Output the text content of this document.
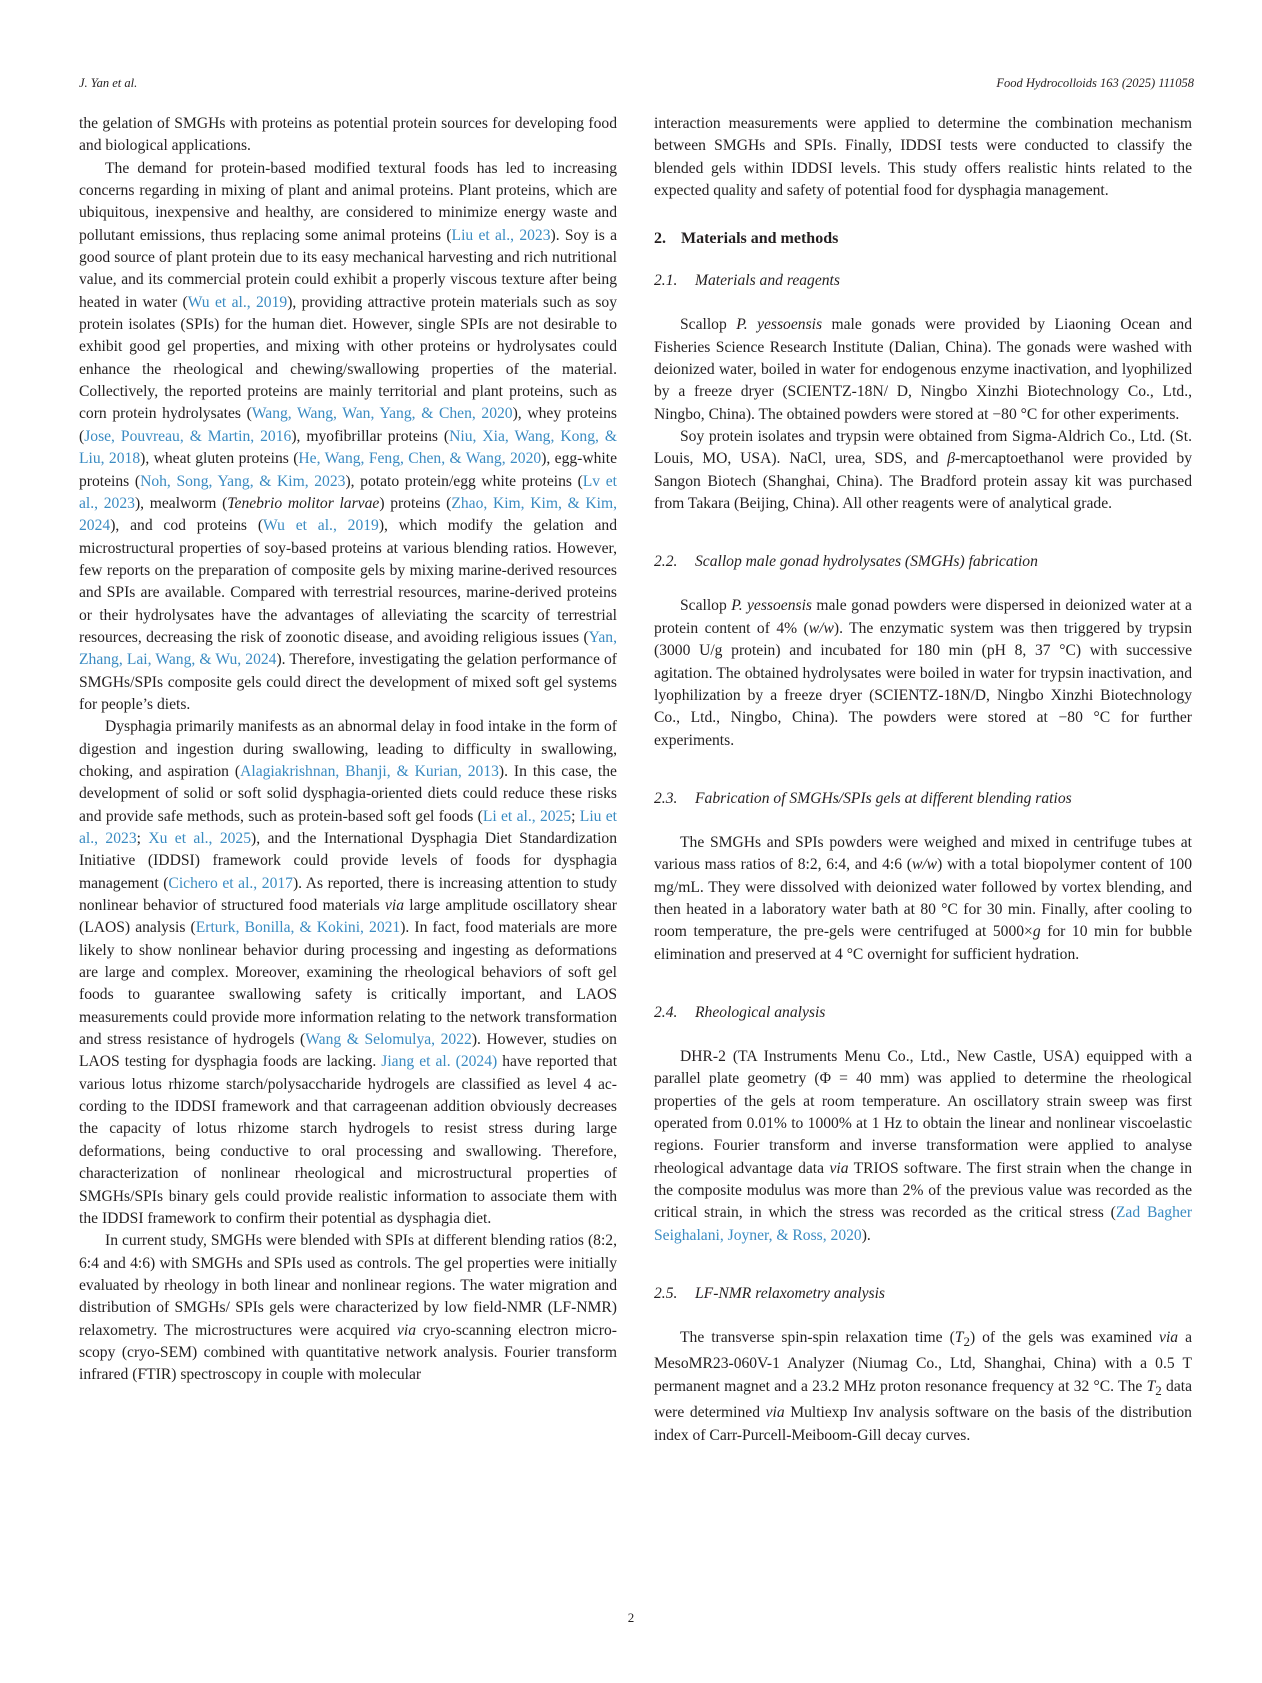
J. Yan et al.	Food Hydrocolloids 163 (2025) 111058

the gelation of SMGHs with proteins as potential protein sources for developing food and biological applications.

The demand for protein-based modified textural foods has led to increasing concerns regarding in mixing of plant and animal proteins. Plant proteins, which are ubiquitous, inexpensive and healthy, are considered to minimize energy waste and pollutant emissions, thus replacing some animal proteins (Liu et al., 2023). Soy is a good source of plant protein due to its easy mechanical harvesting and rich nutritional value, and its commercial protein could exhibit a properly viscous texture after being heated in water (Wu et al., 2019), providing attractive protein materials such as soy protein isolates (SPIs) for the human diet. However, single SPIs are not desirable to exhibit good gel properties, and mixing with other proteins or hydrolysates could enhance the rheological and chewing/swallowing properties of the material. Collectively, the reported proteins are mainly territorial and plant proteins, such as corn protein hydrolysates (Wang, Wang, Wan, Yang, & Chen, 2020), whey proteins (Jose, Pouvreau, & Martin, 2016), myofibrillar proteins (Niu, Xia, Wang, Kong, & Liu, 2018), wheat gluten proteins (He, Wang, Feng, Chen, & Wang, 2020), egg-white proteins (Noh, Song, Yang, & Kim, 2023), potato protein/egg white proteins (Lv et al., 2023), mealworm (Tenebrio molitor larvae) proteins (Zhao, Kim, Kim, & Kim, 2024), and cod proteins (Wu et al., 2019), which modify the gelation and microstructural properties of soy-based proteins at various blending ratios. However, few reports on the preparation of composite gels by mixing marine-derived resources and SPIs are available. Compared with terrestrial resources, marine-derived proteins or their hydrolysates have the advantages of alleviating the scarcity of terrestrial resources, decreasing the risk of zoonotic disease, and avoiding religious issues (Yan, Zhang, Lai, Wang, & Wu, 2024). Therefore, investigating the gelation performance of SMGHs/SPIs composite gels could direct the development of mixed soft gel systems for people’s diets.

Dysphagia primarily manifests as an abnormal delay in food intake in the form of digestion and ingestion during swallowing, leading to difficulty in swallowing, choking, and aspiration (Alagiakrishnan, Bhanji, & Kurian, 2013). In this case, the development of solid or soft solid dysphagia-oriented diets could reduce these risks and provide safe methods, such as protein-based soft gel foods (Li et al., 2025; Liu et al., 2023; Xu et al., 2025), and the International Dysphagia Diet Standardization Initiative (IDDSI) framework could provide levels of foods for dysphagia management (Cichero et al., 2017). As reported, there is increasing attention to study nonlinear behavior of structured food materials via large amplitude oscillatory shear (LAOS) analysis (Erturk, Bonilla, & Kokini, 2021). In fact, food materials are more likely to show nonlinear behavior during processing and ingesting as deformations are large and complex. Moreover, examining the rheological behaviors of soft gel foods to guarantee swallowing safety is critically important, and LAOS measurements could provide more information relating to the network transformation and stress resistance of hydrogels (Wang & Selomulya, 2022). However, studies on LAOS testing for dysphagia foods are lacking. Jiang et al. (2024) have reported that various lotus rhizome starch/polysaccharide hydrogels are classified as level 4 according to the IDDSI framework and that carrageenan addition obviously decreases the capacity of lotus rhizome starch hydrogels to resist stress during large deformations, being conductive to oral processing and swallowing. Therefore, characterization of nonlinear rheological and microstructural properties of SMGHs/SPIs binary gels could provide realistic information to associate them with the IDDSI framework to confirm their potential as dysphagia diet.

In current study, SMGHs were blended with SPIs at different blending ratios (8:2, 6:4 and 4:6) with SMGHs and SPIs used as controls. The gel properties were initially evaluated by rheology in both linear and nonlinear regions. The water migration and distribution of SMGHs/ SPIs gels were characterized by low field-NMR (LF-NMR) relaxometry. The microstructures were acquired via cryo-scanning electron microscopy (cryo-SEM) combined with quantitative network analysis. Fourier transform infrared (FTIR) spectroscopy in couple with molecular

interaction measurements were applied to determine the combination mechanism between SMGHs and SPIs. Finally, IDDSI tests were conducted to classify the blended gels within IDDSI levels. This study offers realistic hints related to the expected quality and safety of potential food for dysphagia management.

2. Materials and methods
2.1. Materials and reagents

Scallop P. yessoensis male gonads were provided by Liaoning Ocean and Fisheries Science Research Institute (Dalian, China). The gonads were washed with deionized water, boiled in water for endogenous enzyme inactivation, and lyophilized by a freeze dryer (SCIENTZ-18N/ D, Ningbo Xinzhi Biotechnology Co., Ltd., Ningbo, China). The obtained powders were stored at −80 °C for other experiments.

Soy protein isolates and trypsin were obtained from Sigma-Aldrich Co., Ltd. (St. Louis, MO, USA). NaCl, urea, SDS, and β-mercaptoethanol were provided by Sangon Biotech (Shanghai, China). The Bradford protein assay kit was purchased from Takara (Beijing, China). All other reagents were of analytical grade.

2.2. Scallop male gonad hydrolysates (SMGHs) fabrication

Scallop P. yessoensis male gonad powders were dispersed in deionized water at a protein content of 4% (w/w). The enzymatic system was then triggered by trypsin (3000 U/g protein) and incubated for 180 min (pH 8, 37 °C) with successive agitation. The obtained hydrolysates were boiled in water for trypsin inactivation, and lyophilization by a freeze dryer (SCIENTZ-18N/D, Ningbo Xinzhi Biotechnology Co., Ltd., Ningbo, China). The powders were stored at −80 °C for further experiments.

2.3. Fabrication of SMGHs/SPIs gels at different blending ratios

The SMGHs and SPIs powders were weighed and mixed in centrifuge tubes at various mass ratios of 8:2, 6:4, and 4:6 (w/w) with a total biopolymer content of 100 mg/mL. They were dissolved with deionized water followed by vortex blending, and then heated in a laboratory water bath at 80 °C for 30 min. Finally, after cooling to room temperature, the pre-gels were centrifuged at 5000×g for 10 min for bubble elimination and preserved at 4 °C overnight for sufficient hydration.

2.4. Rheological analysis

DHR-2 (TA Instruments Menu Co., Ltd., New Castle, USA) equipped with a parallel plate geometry (Φ = 40 mm) was applied to determine the rheological properties of the gels at room temperature. An oscillatory strain sweep was first operated from 0.01% to 1000% at 1 Hz to obtain the linear and nonlinear viscoelastic regions. Fourier transform and inverse transformation were applied to analyse rheological advantage data via TRIOS software. The first strain when the change in the composite modulus was more than 2% of the previous value was recorded as the critical strain, in which the stress was recorded as the critical stress (Zad Bagher Seighalani, Joyner, & Ross, 2020).

2.5. LF-NMR relaxometry analysis

The transverse spin-spin relaxation time $(T_2)$ of the gels was examined via a MesoMR23-060V-1 Analyzer (Niumag Co., Ltd, Shanghai, China) with a 0.5 T permanent magnet and a 23.2 MHz proton resonance frequency at 32 °C. The $T_2$ data were determined via Multiexp Inv analysis software on the basis of the distribution index of Carr-Purcell-Meiboom-Gill decay curves.

2
